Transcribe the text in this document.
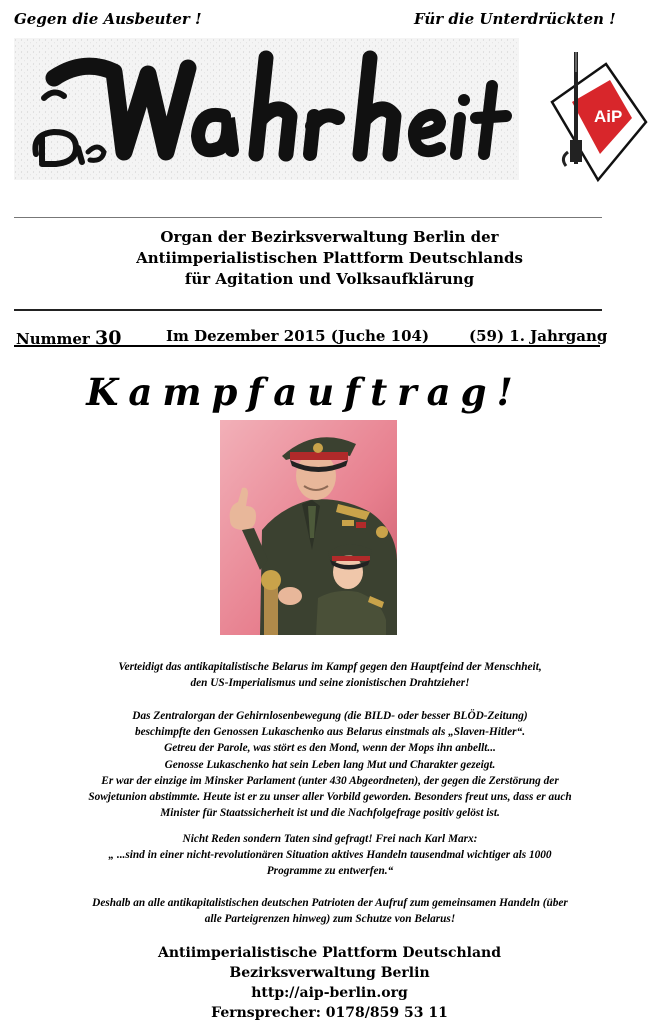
Gegen die Ausbeuter !	Für die Unterdrückten !
AiP
Organ der Bezirksverwaltung Berlin der
Antiimperialistischen Plattform Deutschlands
für Agitation und Volksaufklärung
Nummer 30	Im Dezember 2015 (Juche 104)	(59) 1. Jahrgang
Kampfauftrag!
Verteidigt das antikapitalistische Belarus im Kampf gegen den Hauptfeind der Menschheit,
den US-Imperialismus und seine zionistischen Drahtzieher!
Das Zentralorgan der Gehirnlosenbewegung (die BILD- oder besser BLÖD-Zeitung)
beschimpfte den Genossen Lukaschenko aus Belarus einstmals als „Slaven-Hitler“.
Getreu der Parole, was stört es den Mond, wenn der Mops ihn anbellt...
Genosse Lukaschenko hat sein Leben lang Mut und Charakter gezeigt.
Er war der einzige im Minsker Parlament (unter 430 Abgeordneten), der gegen die Zerstörung der
Sowjetunion abstimmte. Heute ist er zu unser aller Vorbild geworden. Besonders freut uns, dass er auch
Minister für Staatssicherheit ist und die Nachfolgefrage positiv gelöst ist.
Nicht Reden sondern Taten sind gefragt! Frei nach Karl Marx:
„ ...sind in einer nicht-revolutionären Situation aktives Handeln tausendmal wichtiger als 1000
Programme zu entwerfen.“
Deshalb an alle antikapitalistischen deutschen Patrioten der Aufruf zum gemeinsamen Handeln (über
alle Parteigrenzen hinweg) zum Schutze von Belarus!
Antiimperialistische Plattform Deutschland
Bezirksverwaltung Berlin
http://aip-berlin.org
Fernsprecher: 0178/859 53 11
